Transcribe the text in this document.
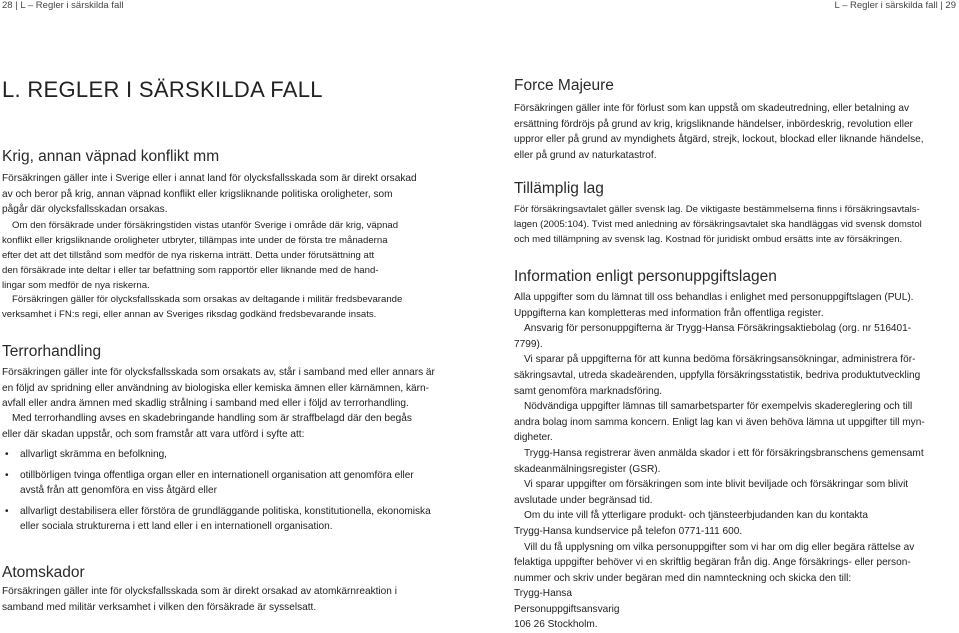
28 | L – Regler i särskilda fall	L – Regler i särskilda fall | 29
L. REGLER I SÄRSKILDA FALL
Krig, annan väpnad konflikt mm

Försäkringen gäller inte i Sverige eller i annat land för olycksfallsskada som är direkt orsakad

av och beror på krig, annan väpnad konflikt eller krigsliknande politiska oroligheter, som

pågår där olycksfallsskadan orsakas.

Om den försäkrade under försäkringstiden vistas utanför Sverige i område där krig, väpnad

konflikt eller krigsliknande oroligheter utbryter, tillämpas inte under de första tre månaderna

efter det att det tillstånd som medför de nya riskerna inträtt. Detta under förutsättning att

den försäkrade inte deltar i eller tar befattning som rapportör eller liknande med de hand-

lingar som medför de nya riskerna.

Försäkringen gäller för olycksfallsskada som orsakas av deltagande i militär fredsbevarande

verksamhet i FN:s regi, eller annan av Sveriges riksdag godkänd fredsbevarande insats.

Terrorhandling

Försäkringen gäller inte för olycksfallsskada som orsakats av, står i samband med eller annars är

en följd av spridning eller användning av biologiska eller kemiska ämnen eller kärnämnen, kärn-

avfall eller andra ämnen med skadlig strålning i samband med eller i följd av terrorhandling.

Med terrorhandling avses en skadebringande handling som är straffbelagd där den begås

eller där skadan uppstår, och som framstår att vara utförd i syfte att:

• allvarligt skrämma en befolkning,
• otillbörligen tvinga offentliga organ eller en internationell organisation att genomföra eller
avstå från att genomföra en viss åtgärd eller
• allvarligt destabilisera eller förstöra de grundläggande politiska, konstitutionella, ekonomiska
eller sociala strukturerna i ett land eller i en internationell organisation.
Atomskador

Försäkringen gäller inte för olycksfallsskada som är direkt orsakad av atomkärnreaktion i

samband med militär verksamhet i vilken den försäkrade är sysselsatt.

Force Majeure

Försäkringen gäller inte för förlust som kan uppstå om skadeutredning, eller betalning av

ersättning fördröjs på grund av krig, krigsliknande händelser, inbördeskrig, revolution eller

uppror eller på grund av myndighets åtgärd, strejk, lockout, blockad eller liknande händelse,

eller på grund av naturkatastrof.

Tillämplig lag

För försäkringsavtalet gäller svensk lag. De viktigaste bestämmelserna finns i försäkringsavtals-

lagen (2005:104). Tvist med anledning av försäkringsavtalet ska handläggas vid svensk domstol

och med tillämpning av svensk lag. Kostnad för juridiskt ombud ersätts inte av försäkringen.

Information enligt personuppgiftslagen

Alla uppgifter som du lämnat till oss behandlas i enlighet med personuppgiftslagen (PUL).

Uppgifterna kan kompletteras med information från offentliga register.

Ansvarig för personuppgifterna är Trygg-Hansa Försäkringsaktiebolag (org. nr 516401-

7799).

Vi sparar på uppgifterna för att kunna bedöma försäkringsansökningar, administrera för-

säkringsavtal, utreda skadeärenden, uppfylla försäkringsstatistik, bedriva produktutveckling

samt genomföra marknadsföring.

Nödvändiga uppgifter lämnas till samarbetsparter för exempelvis skadereglering och till

andra bolag inom samma koncern. Enligt lag kan vi även behöva lämna ut uppgifter till myn-

digheter.

Trygg-Hansa registrerar även anmälda skador i ett för försäkringsbranschens gemensamt

skadeanmälningsregister (GSR).

Vi sparar uppgifter om försäkringen som inte blivit beviljade och försäkringar som blivit

avslutade under begränsad tid.

Om du inte vill få ytterligare produkt- och tjänsteerbjudanden kan du kontakta

Trygg-Hansa kundservice på telefon 0771-111 600.

Vill du få upplysning om vilka personuppgifter som vi har om dig eller begära rättelse av

felaktiga uppgifter behöver vi en skriftlig begäran från dig. Ange försäkrings- eller person-

nummer och skriv under begäran med din namnteckning och skicka den till:

Trygg-Hansa

Personuppgiftsansvarig

106 26 Stockholm.
